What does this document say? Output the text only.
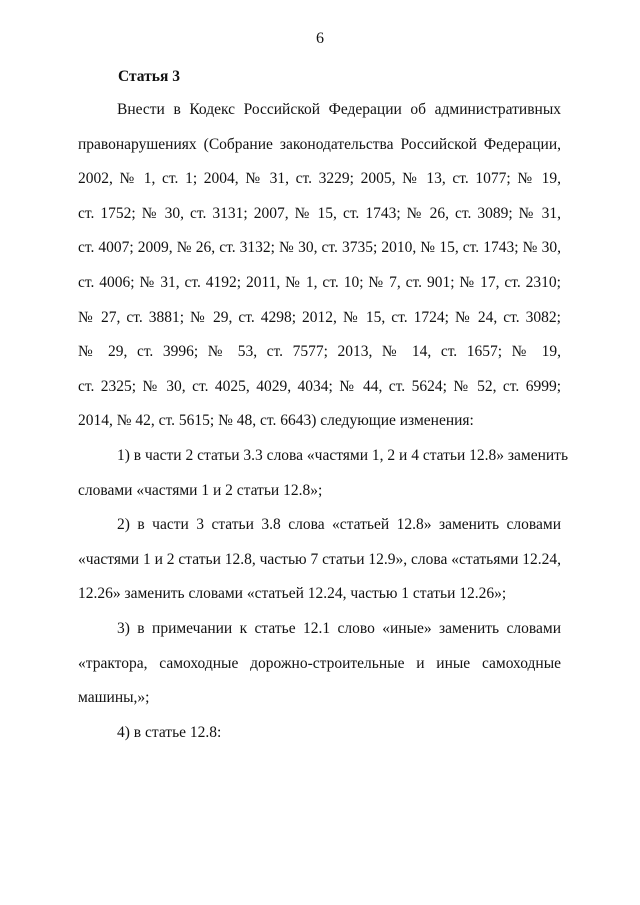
6
Статья 3
Внести в Кодекс Российской Федерации об административных
правонарушениях (Собрание законодательства Российской Федерации,
2002, № 1, ст. 1; 2004, № 31, ст. 3229; 2005, № 13, ст. 1077; № 19,
ст. 1752; № 30, ст. 3131; 2007, № 15, ст. 1743; № 26, ст. 3089; № 31,
ст. 4007; 2009, № 26, ст. 3132; № 30, ст. 3735; 2010, № 15, ст. 1743; № 30,
ст. 4006; № 31, ст. 4192; 2011, № 1, ст. 10; № 7, ст. 901; № 17, ст. 2310;
№ 27, ст. 3881; № 29, ст. 4298; 2012, № 15, ст. 1724; № 24, ст. 3082;
№ 29, ст. 3996; № 53, ст. 7577; 2013, № 14, ст. 1657; № 19,
ст. 2325; № 30, ст. 4025, 4029, 4034; № 44, ст. 5624; № 52, ст. 6999;
2014, № 42, ст. 5615; № 48, ст. 6643) следующие изменения:
1) в части 2 статьи 3.3 слова «частями 1, 2 и 4 статьи 12.8» заменить
словами «частями 1 и 2 статьи 12.8»;
2) в части 3 статьи 3.8 слова «статьей 12.8» заменить словами
«частями 1 и 2 статьи 12.8, частью 7 статьи 12.9», слова «статьями 12.24,
12.26» заменить словами «статьей 12.24, частью 1 статьи 12.26»;
3) в примечании к статье 12.1 слово «иные» заменить словами
«трактора, самоходные дорожно-строительные и иные самоходные
машины,»;
4) в статье 12.8:
